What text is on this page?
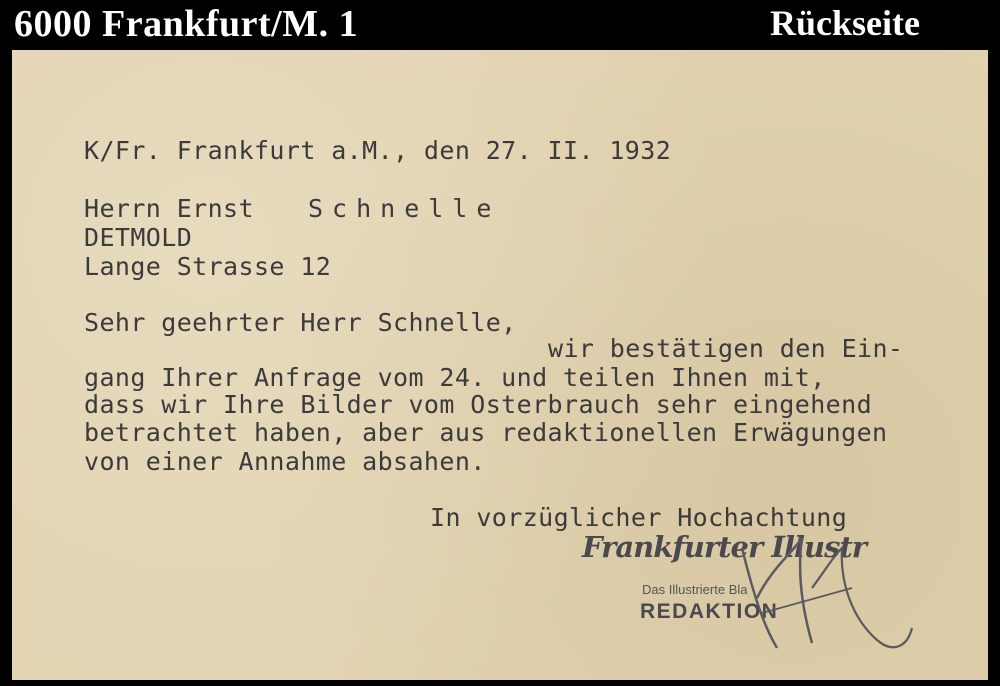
6000 Frankfurt/M. 1	Rückseite
K/Fr. Frankfurt a.M., den 27. II. 1932
Herrn Ernst Schnelle
DETMOLD
Lange Strasse 12
Sehr geehrter Herr Schnelle,
wir bestätigen den Ein-
gang Ihrer Anfrage vom 24. und teilen Ihnen mit,
dass wir Ihre Bilder vom Osterbrauch sehr eingehend
betrachtet haben, aber aus redaktionellen Erwägungen
von einer Annahme absahen.
In vorzüglicher Hochachtung
Frankfurter Illustr
Das Illustrierte Bla
REDAKTION
